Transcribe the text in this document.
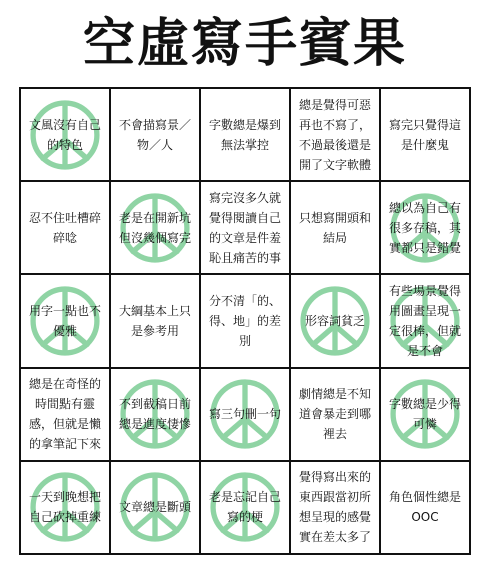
空虛寫手賓果
文風沒有自己的特色
不會描寫景／物／人
字數總是爆到無法掌控
總是覺得可惡再也不寫了，不過最後還是開了文字軟體
寫完只覺得這是什麼鬼
忍不住吐槽碎碎唸
老是在開新坑但沒幾個寫完
寫完沒多久就覺得閱讀自己的文章是件羞恥且痛苦的事
只想寫開頭和結局
總以為自己有很多存稿，其實都只是錯覺
用字一點也不優雅
大綱基本上只是參考用
分不清「的、得、地」的差別
形容詞貧乏
有些場景覺得用圖畫呈現一定很棒，但就是不會
總是在奇怪的時間點有靈感，但就是懶的拿筆記下來
不到截稿日前總是進度悽慘
寫三句刪一句
劇情總是不知道會暴走到哪裡去
字數總是少得可憐
一天到晚想把自己砍掉重練
文章總是斷頭
老是忘記自己寫的梗
覺得寫出來的東西跟當初所想呈現的感覺實在差太多了
角色個性總是OOC
